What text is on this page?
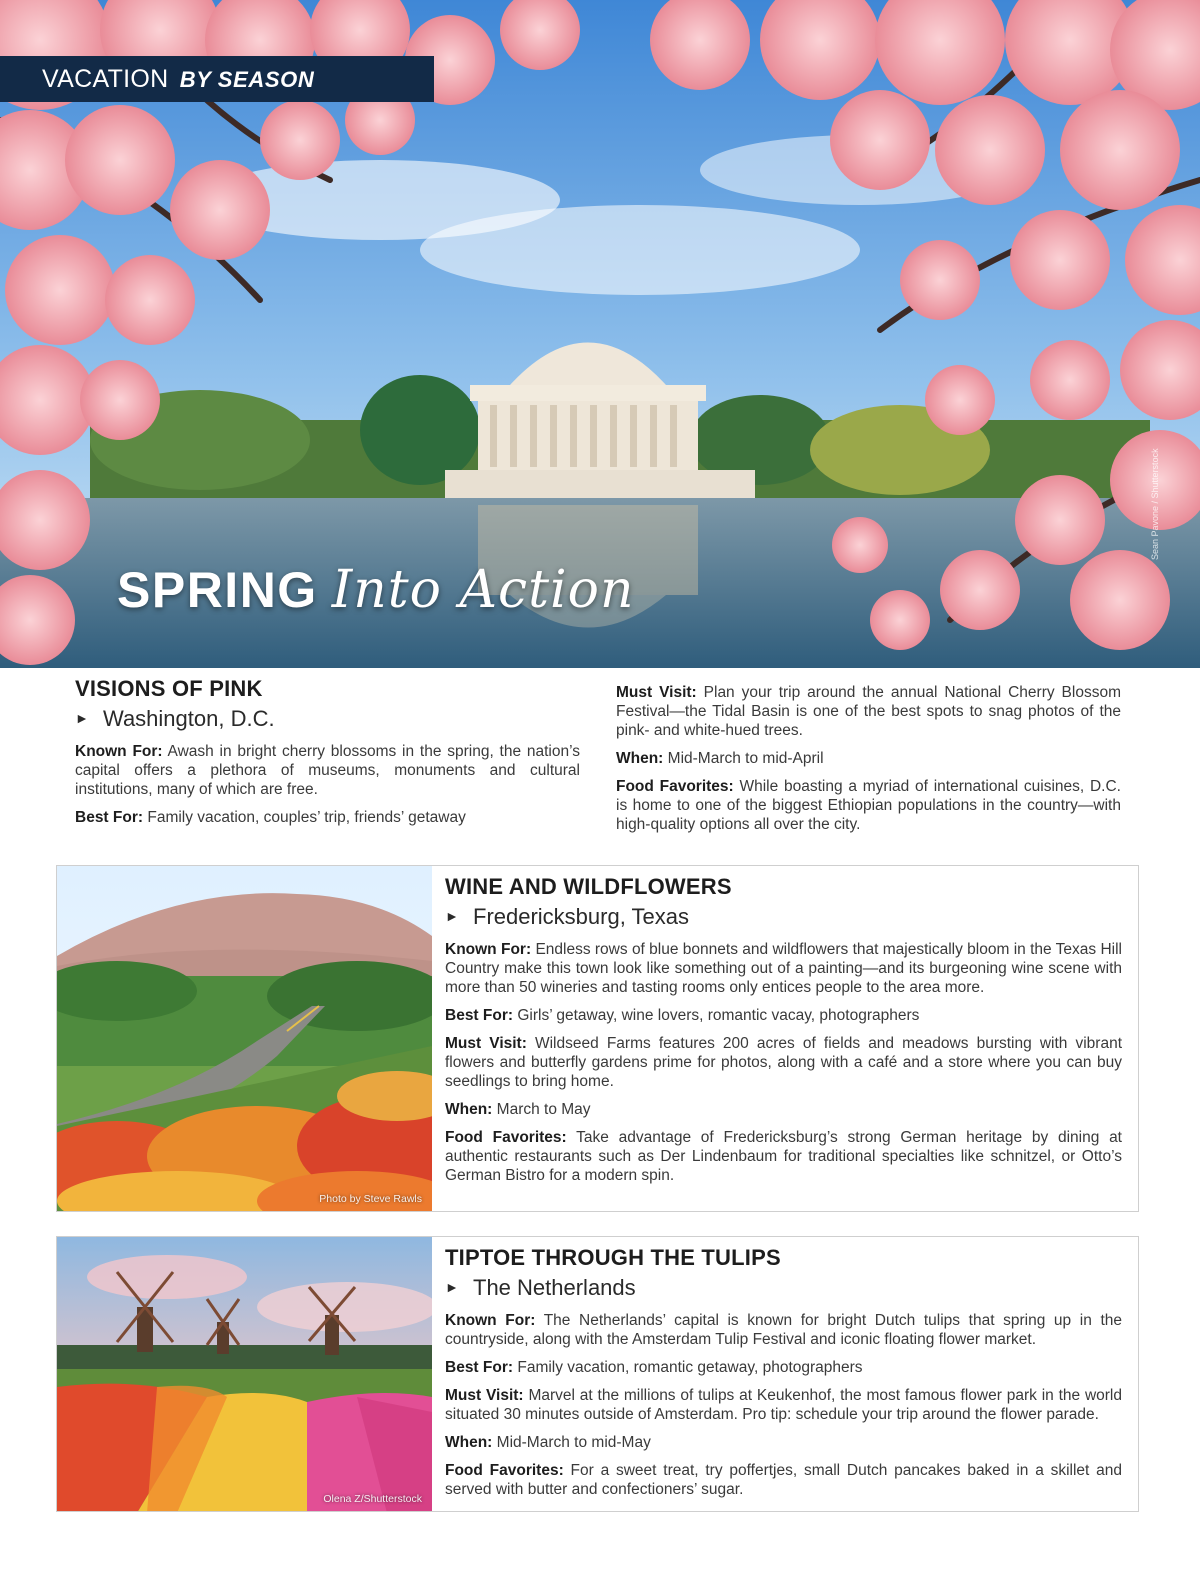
VACATION BY SEASON
SPRING Into Action
Sean Pavone / Shutterstock
VISIONS OF PINK
► Washington, D.C.

Known For: Awash in bright cherry blossoms in the spring, the nation’s capital offers a plethora of museums, monuments and cultural institutions, many of which are free.

Best For: Family vacation, couples’ trip, friends’ getaway

Must Visit: Plan your trip around the annual National Cherry Blossom Festival—the Tidal Basin is one of the best spots to snag photos of the pink- and white-hued trees.

When: Mid-March to mid-April

Food Favorites: While boasting a myriad of international cuisines, D.C. is home to one of the biggest Ethiopian populations in the country—with high-quality options all over the city.

Photo by Steve Rawls
WINE AND WILDFLOWERS
► Fredericksburg, Texas

Known For: Endless rows of blue bonnets and wildflowers that majestically bloom in the Texas Hill Country make this town look like something out of a painting—and its burgeoning wine scene with more than 50 wineries and tasting rooms only entices people to the area more.

Best For: Girls’ getaway, wine lovers, romantic vacay, photographers

Must Visit: Wildseed Farms features 200 acres of fields and meadows bursting with vibrant flowers and butterfly gardens prime for photos, along with a café and a store where you can buy seedlings to bring home.

When: March to May

Food Favorites: Take advantage of Fredericksburg’s strong German heritage by dining at authentic restaurants such as Der Lindenbaum for traditional specialties like schnitzel, or Otto’s German Bistro for a modern spin.

Olena Z/Shutterstock
TIPTOE THROUGH THE TULIPS
► The Netherlands

Known For: The Netherlands’ capital is known for bright Dutch tulips that spring up in the countryside, along with the Amsterdam Tulip Festival and iconic floating flower market.

Best For: Family vacation, romantic getaway, photographers

Must Visit: Marvel at the millions of tulips at Keukenhof, the most famous flower park in the world situated 30 minutes outside of Amsterdam. Pro tip: schedule your trip around the flower parade.

When: Mid-March to mid-May

Food Favorites: For a sweet treat, try poffertjes, small Dutch pancakes baked in a skillet and served with butter and confectioners’ sugar.
